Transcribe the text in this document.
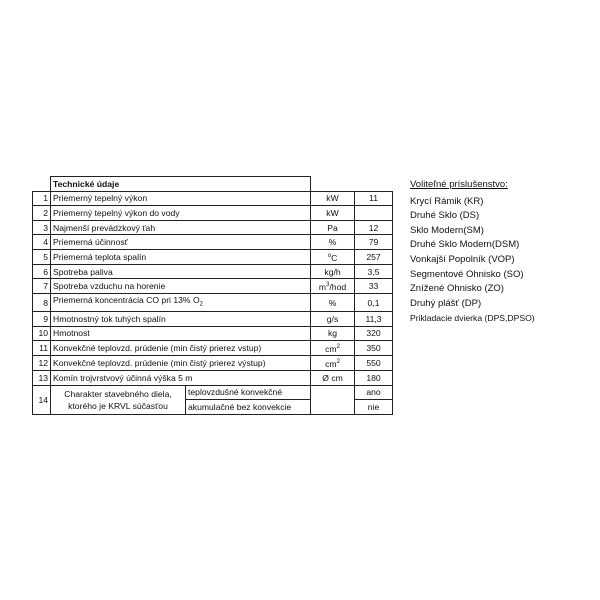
	Technické údaje			
1	Priemerný tepelný výkon		kW	11
2	Priemerný tepelný výkon do vody		kW	
3	Najmenší prevádzkový ťah		Pa	12
4	Priemerná účinnosť		%	79
5	Priemerná teplota spalín		$^o$C	257
6	Spotreba paliva		kg/h	3,5
7	Spotreba vzduchu na horenie		$m^3$/hod	33
8	Priemerná koncentrácia CO pri 13% $O_2$		%	0,1
9	Hmotnostný tok tuhých spalín		g/s	11,3
10	Hmotnost		kg	320
11	Konvekčné teplovzd. prúdenie (min čistý prierez vstup)		$cm^2$	350
12	Konvekčné teplovzd. prúdenie (min čistý prierez výstup)		$cm^2$	550
13	Komín trojvrstvový účinná výška 5 m		Ø cm	180
14	Charakter stavebného diela,
ktorého je KRVL súčasťou	teplovzdušné konvekčné		ano
		akumulačné bez konvekcie		nie
Voliteľné príslušenstvo:
Krycí Rámik (KR)
Druhé Sklo (DS)
Sklo Modern(SM)
Druhé Sklo Modern(DSM)
Vonkajší Popolník (VOP)
Segmentové Ohnisko (SO)
Znížené Ohnisko (ZO)
Druhý plášť (DP)
Prikladacie dvierka (DPS,DPSO)
